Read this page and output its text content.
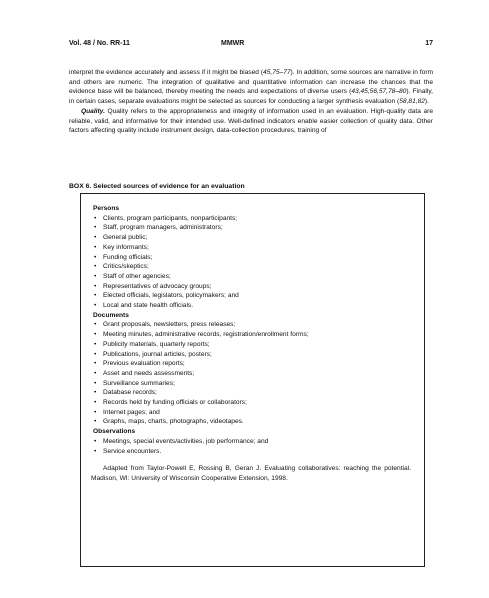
Vol. 48 / No. RR-11	MMWR	17

interpret the evidence accurately and assess if it might be biased (45,75–77). In addition, some sources are narrative in form and others are numeric. The integration of qualitative and quantitative information can increase the chances that the evidence base will be balanced, thereby meeting the needs and expectations of diverse users (43,45,56,57,78–80). Finally, in certain cases, separate evaluations might be selected as sources for conducting a larger synthesis evaluation (58,81,82).

Quality. Quality refers to the appropriateness and integrity of information used in an evaluation. High-quality data are reliable, valid, and informative for their intended use. Well-defined indicators enable easier collection of quality data. Other factors affecting quality include instrument design, data-collection procedures, training of

BOX 6. Selected sources of evidence for an evaluation
Persons
• Clients, program participants, nonparticipants;
• Staff, program managers, administrators;
• General public;
• Key informants;
• Funding officials;
• Critics/skeptics;
• Staff of other agencies;
• Representatives of advocacy groups;
• Elected officials, legislators, policymakers; and
• Local and state health officials.
Documents
• Grant proposals, newsletters, press releases;
• Meeting minutes, administrative records, registration/enrollment forms;
• Publicity materials, quarterly reports;
• Publications, journal articles, posters;
• Previous evaluation reports;
• Asset and needs assessments;
• Surveillance summaries;
• Database records;
• Records held by funding officials or collaborators;
• Internet pages; and
• Graphs, maps, charts, photographs, videotapes.
Observations
• Meetings, special events/activities, job performance; and
• Service encounters.
Adapted from Taylor-Powell E, Rossing B, Geran J. Evaluating collaboratives: reaching the potential. Madison, WI: University of Wisconsin Cooperative Extension, 1998.
